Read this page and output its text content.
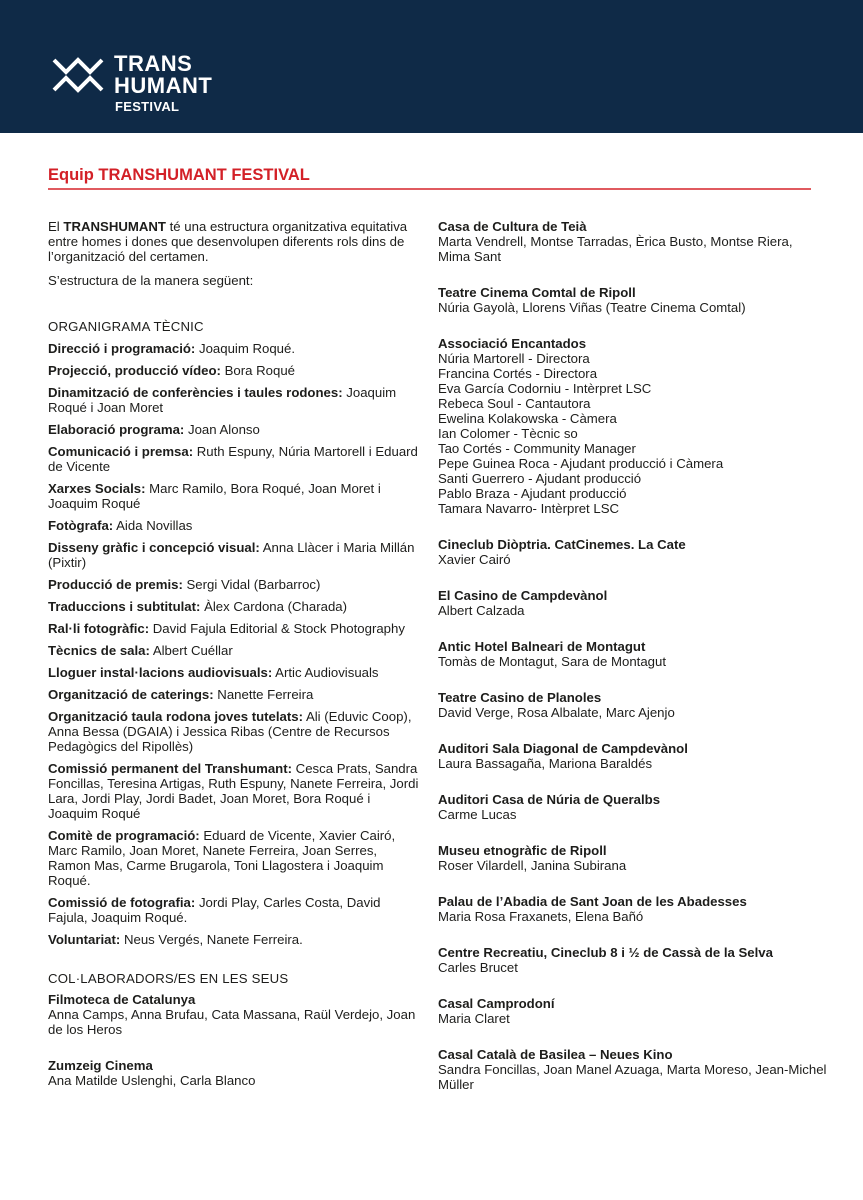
TRANS
HUMANT
FESTIVAL
Equip TRANSHUMANT FESTIVAL

El TRANSHUMANT té una estructura organitzativa equitativa entre homes i dones que desenvolupen diferents rols dins de l’organització del certamen.

S’estructura de la manera següent:

ORGANIGRAMA TÈCNIC

Direcció i programació: Joaquim Roqué.

Projecció, producció vídeo: Bora Roqué

Dinamització de conferències i taules rodones: Joaquim Roqué i Joan Moret

Elaboració programa: Joan Alonso

Comunicació i premsa: Ruth Espuny, Núria Martorell i Eduard de Vicente

Xarxes Socials: Marc Ramilo, Bora Roqué, Joan Moret i Joaquim Roqué

Fotògrafa: Aida Novillas

Disseny gràfic i concepció visual: Anna Llàcer i Maria Millán (Pixtir)

Producció de premis: Sergi Vidal (Barbarroc)

Traduccions i subtitulat: Àlex Cardona (Charada)

Ral·li fotogràfic: David Fajula Editorial & Stock Photography

Tècnics de sala: Albert Cuéllar

Lloguer instal·lacions audiovisuals: Artic Audiovisuals

Organització de caterings: Nanette Ferreira

Organització taula rodona joves tutelats: Ali (Eduvic Coop), Anna Bessa (DGAIA) i Jessica Ribas (Centre de Recursos Pedagògics del Ripollès)

Comissió permanent del Transhumant: Cesca Prats, Sandra Foncillas, Teresina Artigas, Ruth Espuny, Nanete Ferreira, Jordi Lara, Jordi Play, Jordi Badet, Joan Moret, Bora Roqué i Joaquim Roqué

Comitè de programació: Eduard de Vicente, Xavier Cairó, Marc Ramilo, Joan Moret, Nanete Ferreira, Joan Serres, Ramon Mas, Carme Brugarola, Toni Llagostera i Joaquim Roqué.

Comissió de fotografia: Jordi Play, Carles Costa, David Fajula, Joaquim Roqué.

Voluntariat: Neus Vergés, Nanete Ferreira.

COL·LABORADORS/ES EN LES SEUS

Filmoteca de Catalunya

Anna Camps, Anna Brufau, Cata Massana, Raül Verdejo, Joan de los Heros

Zumzeig Cinema

Ana Matilde Uslenghi, Carla Blanco

Casa de Cultura de Teià

Marta Vendrell, Montse Tarradas, Èrica Busto, Montse Riera, Mima Sant

Teatre Cinema Comtal de Ripoll

Núria Gayolà, Llorens Viñas (Teatre Cinema Comtal)

Associació Encantados

Núria Martorell - Directora

Francina Cortés - Directora

Eva García Codorniu - Intèrpret LSC

Rebeca Soul - Cantautora

Ewelina Kolakowska - Càmera

Ian Colomer - Tècnic so

Tao Cortés - Community Manager

Pepe Guinea Roca - Ajudant producció i Càmera

Santi Guerrero - Ajudant producció

Pablo Braza - Ajudant producció

Tamara Navarro- Intèrpret LSC

Cineclub Diòptria. CatCinemes. La Cate

Xavier Cairó

El Casino de Campdevànol

Albert Calzada

Antic Hotel Balneari de Montagut

Tomàs de Montagut, Sara de Montagut

Teatre Casino de Planoles

David Verge, Rosa Albalate, Marc Ajenjo

Auditori Sala Diagonal de Campdevànol

Laura Bassagaña, Mariona Baraldés

Auditori Casa de Núria de Queralbs

Carme Lucas

Museu etnogràfic de Ripoll

Roser Vilardell, Janina Subirana

Palau de l’Abadia de Sant Joan de les Abadesses

Maria Rosa Fraxanets, Elena Bañó

Centre Recreatiu, Cineclub 8 i ½ de Cassà de la Selva

Carles Brucet

Casal Camprodoní

Maria Claret

Casal Català de Basilea – Neues Kino

Sandra Foncillas, Joan Manel Azuaga, Marta Moreso, Jean-Michel Müller
